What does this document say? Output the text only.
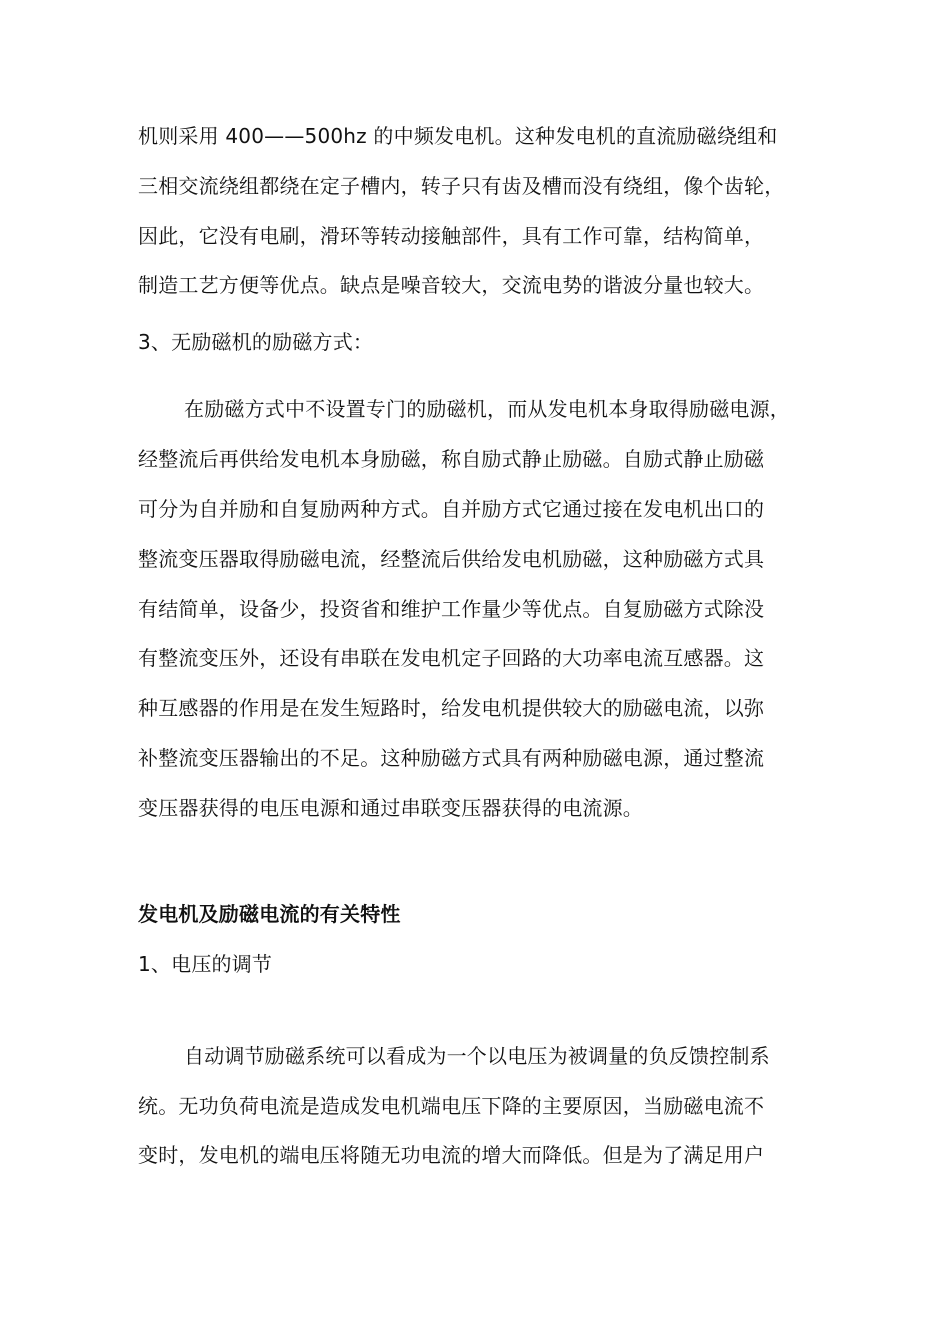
机则采用 400——500hz 的中频发电机。这种发电机的直流励磁绕组和
三相交流绕组都绕在定子槽内，转子只有齿及槽而没有绕组，像个齿轮，
因此，它没有电刷，滑环等转动接触部件，具有工作可靠，结构简单，
制造工艺方便等优点。缺点是噪音较大，交流电势的谐波分量也较大。
3、无励磁机的励磁方式：
在励磁方式中不设置专门的励磁机，而从发电机本身取得励磁电源，
经整流后再供给发电机本身励磁，称自励式静止励磁。自励式静止励磁
可分为自并励和自复励两种方式。自并励方式它通过接在发电机出口的
整流变压器取得励磁电流，经整流后供给发电机励磁，这种励磁方式具
有结简单，设备少，投资省和维护工作量少等优点。自复励磁方式除没
有整流变压外，还设有串联在发电机定子回路的大功率电流互感器。这
种互感器的作用是在发生短路时，给发电机提供较大的励磁电流，以弥
补整流变压器输出的不足。这种励磁方式具有两种励磁电源，通过整流
变压器获得的电压电源和通过串联变压器获得的电流源。
发电机及励磁电流的有关特性
1、电压的调节
自动调节励磁系统可以看成为一个以电压为被调量的负反馈控制系
统。无功负荷电流是造成发电机端电压下降的主要原因，当励磁电流不
变时，发电机的端电压将随无功电流的增大而降低。但是为了满足用户
